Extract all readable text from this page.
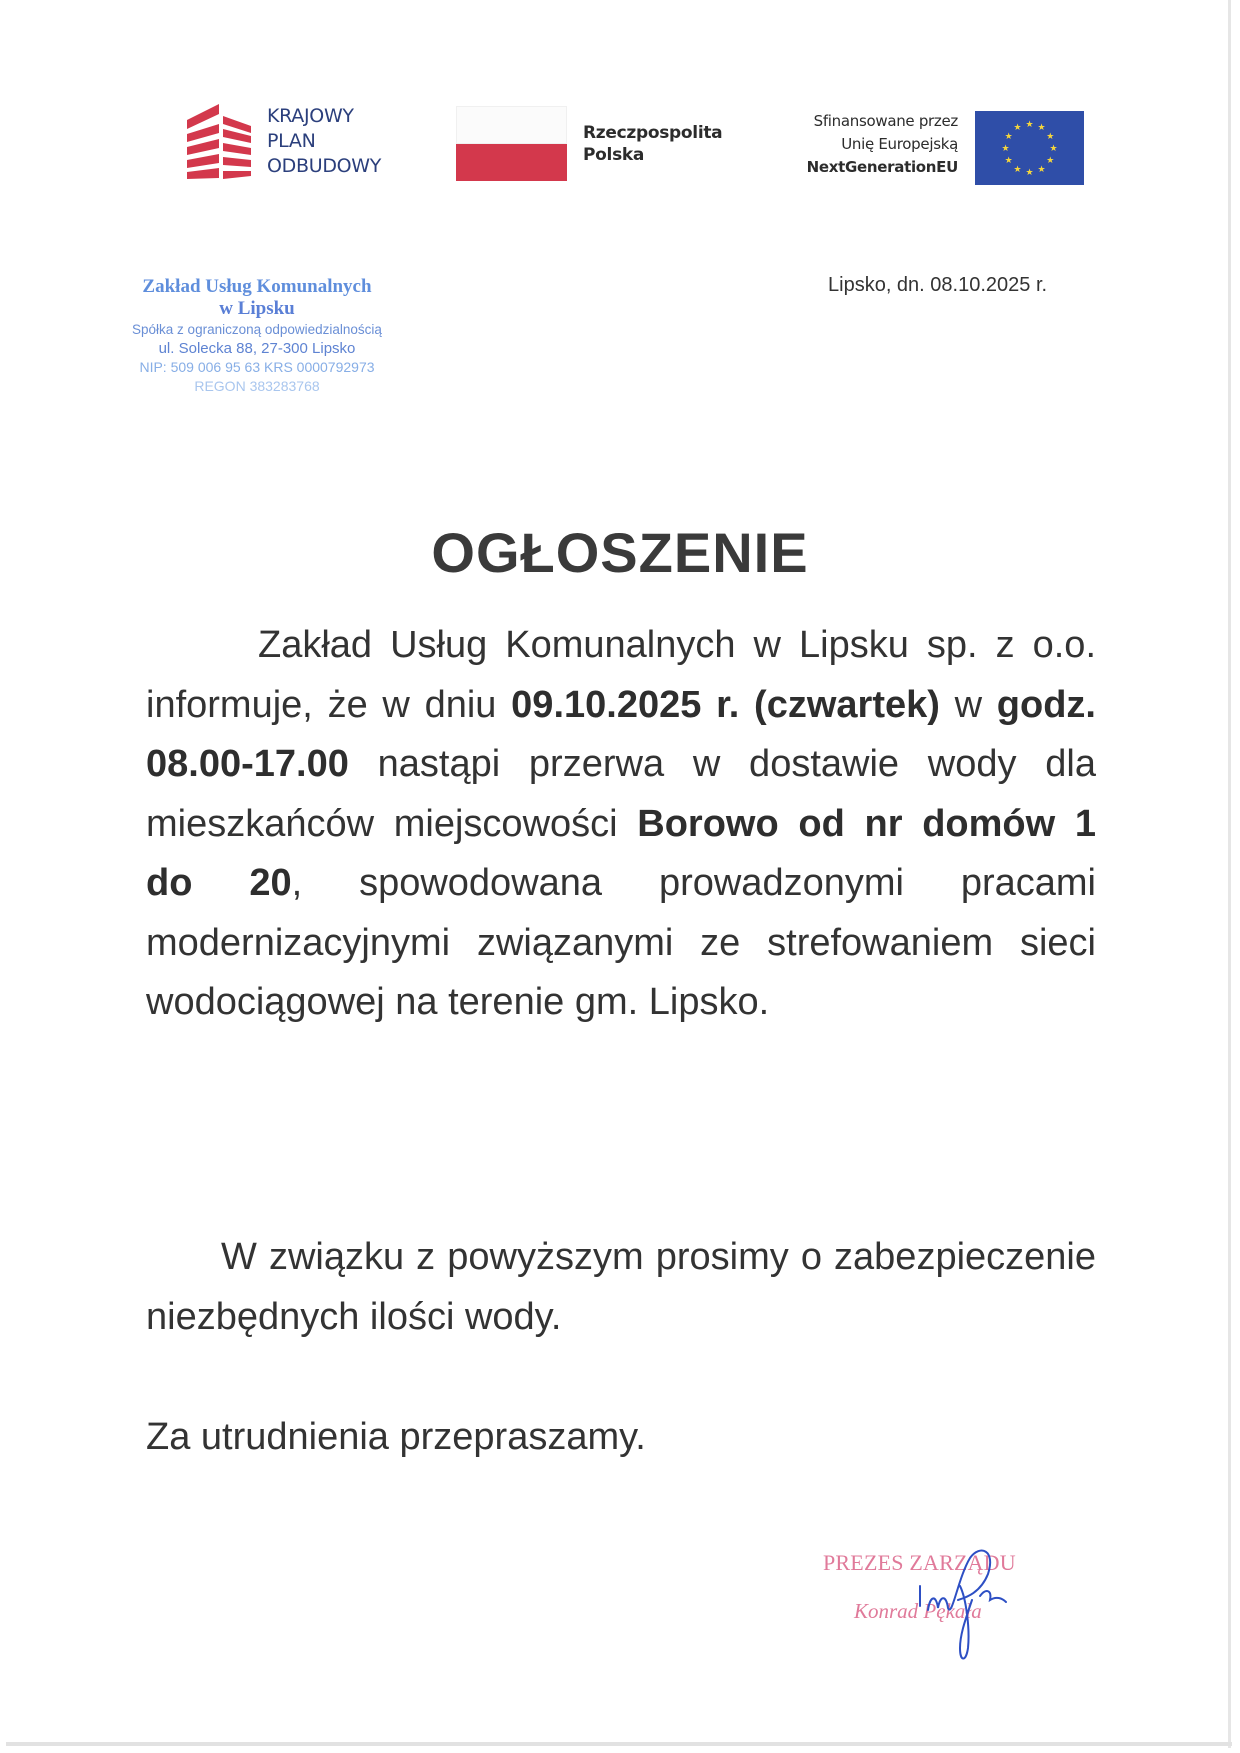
KRAJOWY
PLAN
ODBUDOWY
Rzeczpospolita
Polska
Sfinansowane przez
Unię Europejską
NextGenerationEU
★ ★
★
★
★
★
★
★
★
★
★
★
Zakład Usług Komunalnych
w Lipsku
Spółka z ograniczoną odpowiedzialnością
ul. Solecka 88, 27-300 Lipsko
NIP: 509 006 95 63 KRS 0000792973
REGON 383283768
Lipsko, dn. 08.10.2025 r.
OGŁOSZENIE
Zakład Usług Komunalnych w Lipsku sp. z o.o. informuje, że w dniu 09.10.2025 r. (czwartek) w godz. 08.00-17.00 nastąpi przerwa w dostawie wody dla mieszkańców miejscowości Borowo od nr domów 1 do 20, spowodowana prowadzonymi pracami modernizacyjnymi związanymi ze strefowaniem sieci wodociągowej na terenie gm. Lipsko.
W związku z powyższym prosimy o zabezpieczenie niezbędnych ilości wody.
Za utrudnienia przepraszamy.
PREZES ZARZĄDU
Konrad Pękała
